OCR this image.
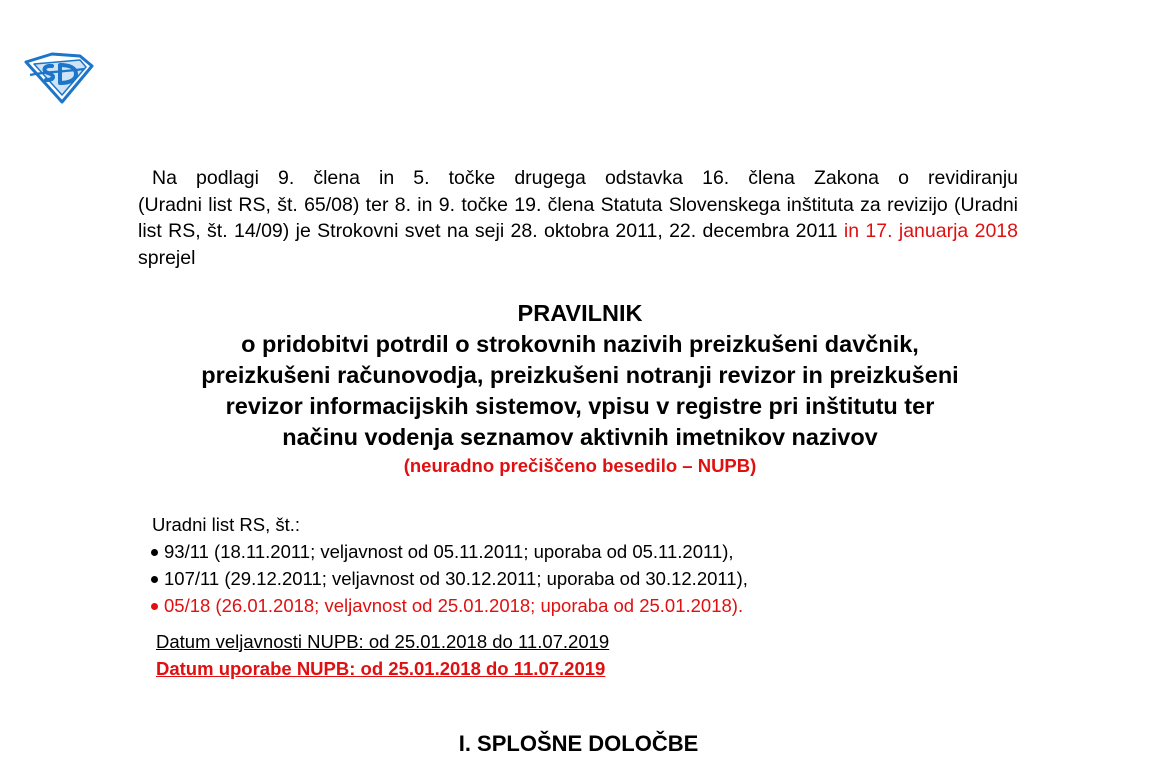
Na podlagi 9. člena in 5. točke drugega odstavka 16. člena Zakona o revidiranju
(Uradni list RS, št. 65/08) ter 8. in 9. točke 19. člena Statuta Slovenskega inštituta za revizijo (Uradni list RS, št. 14/09) je Strokovni svet na seji 28. oktobra 2011, 22. decembra 2011 in 17. januarja 2018 sprejel
PRAVILNIK
o pridobitvi potrdil o strokovnih nazivih preizkušeni davčnik,
preizkušeni računovodja, preizkušeni notranji revizor in preizkušeni
revizor informacijskih sistemov, vpisu v registre pri inštitutu ter
načinu vodenja seznamov aktivnih imetnikov nazivov
(neuradno prečiščeno besedilo – NUPB)
Uradni list RS, št.:
93/11 (18.11.2011; veljavnost od 05.11.2011; uporaba od 05.11.2011),
107/11 (29.12.2011; veljavnost od 30.12.2011; uporaba od 30.12.2011),
05/18 (26.01.2018; veljavnost od 25.01.2018; uporaba od 25.01.2018).
Datum veljavnosti NUPB: od 25.01.2018 do 11.07.2019
Datum uporabe NUPB: od 25.01.2018 do 11.07.2019
I. SPLOŠNE DOLOČBE
